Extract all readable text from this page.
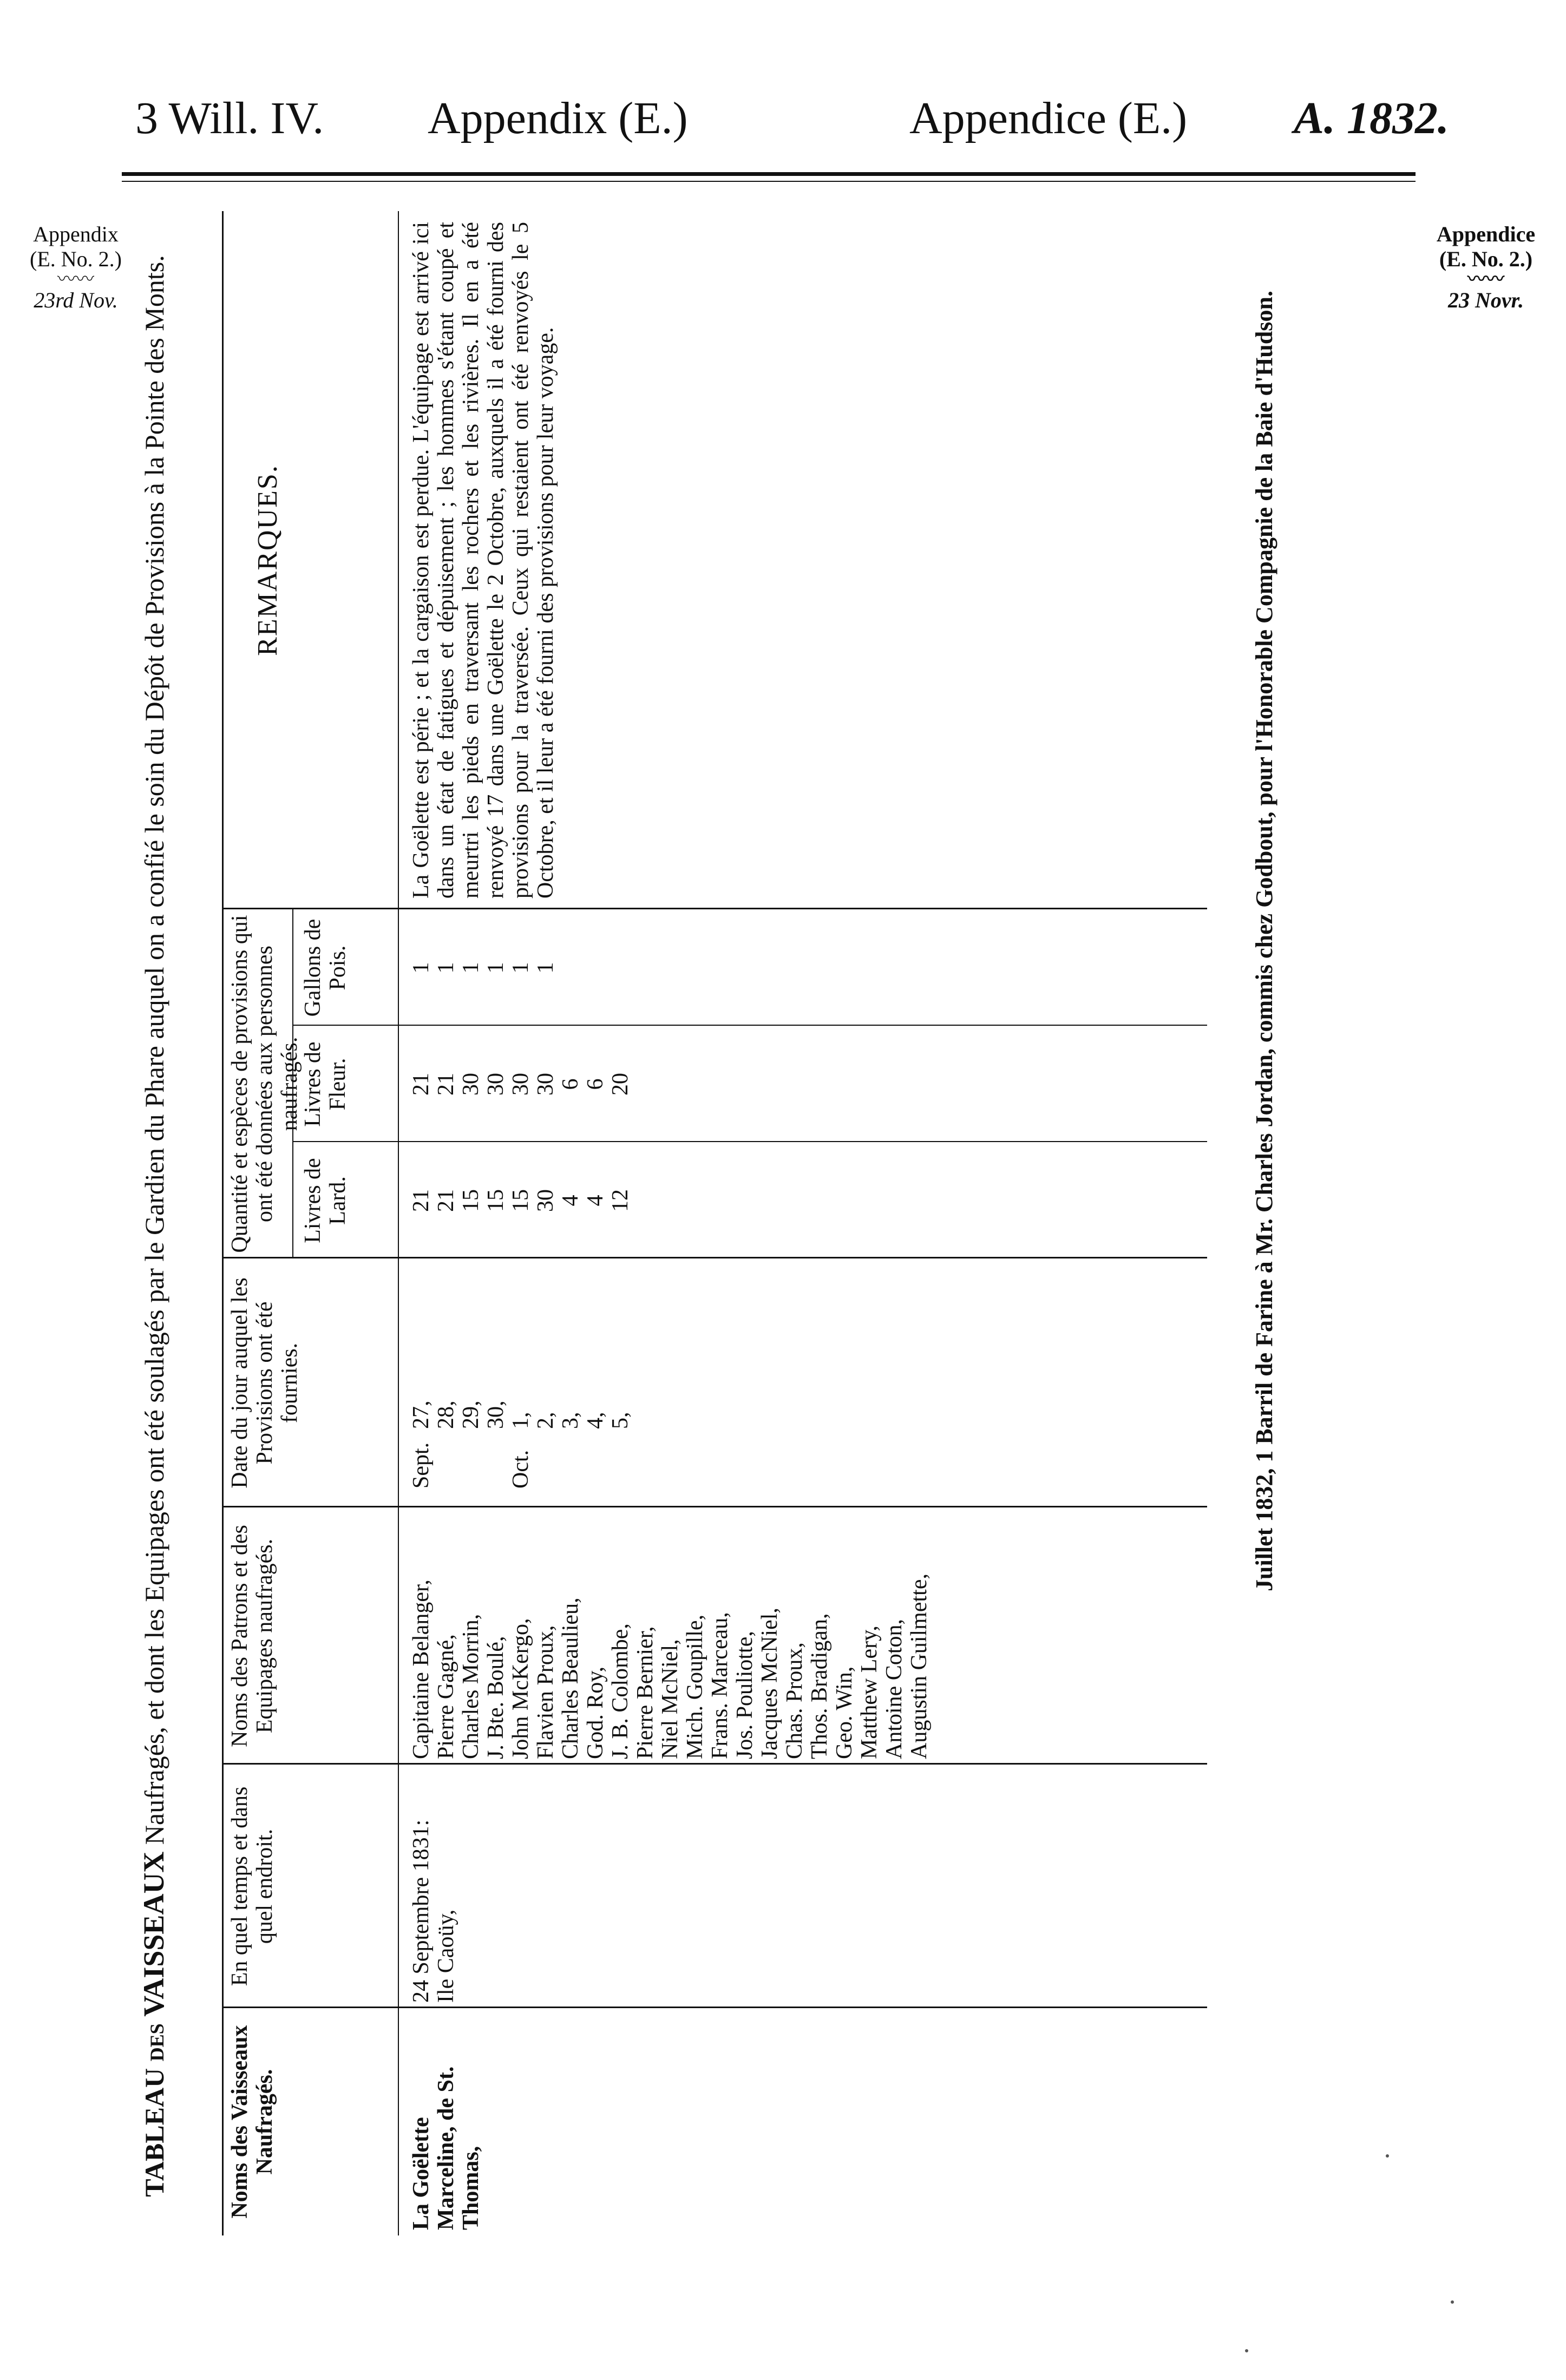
3 Will. IV. Appendix (E.)	Appendice (E.) A. 1832.
Appendix
(E. No. 2.)
〰〰
23rd Nov.
Appendice
(E. No. 2.)
〰〰
23 Novr.
TABLEAU DES VAISSEAUX Naufragés, et dont les Equipages ont été soulagés par le Gardien du Phare auquel on a confié le soin du Dépôt de Provisions à la Pointe des Monts.
Noms des Vaisseaux Naufragés.
En quel temps et dans quel endroit.
Noms des Patrons et des Equipages naufragés.
Date du jour auquel les Provisions ont été fournies.
Quantité et espèces de provisions qui ont été données aux personnes naufragés.
Livres de Lard.
Livres de Fleur.
Gallons de Pois.
REMARQUES.
La Goëlette Marceline, de St. Thomas,
24 Septembre 1831: Ile Caoüy,
Capitaine Belanger, Pierre Gagné, Charles Morrin, J. Bte. Boulé, John McKergo, Flavien Proux, Charles Beaulieu, God. Roy, J. B. Colombe, Pierre Bernier, Niel McNiel, Mich. Goupille, Frans. Marceau, Jos. Pouliotte, Jacques McNiel, Chas. Proux, Thos. Bradigan, Geo. Win, Matthew Lery, Antoine Coton, Augustin Guilmette,
Sept.27, 28, 29, 30,
Oct.1, 2, 3, 4, 5,
21 21 15 15 15 30 4 4 12
21 21 30 30 30 30 6 6 20
1 1 1 1 1 1
La Goëlette est périe ; et la cargaison est perdue. L'équipage est arrivé ici dans un état de fatigues et dépuisement ; les hommes s'étant coupé et meurtri les pieds en traversant les rochers et les rivières. Il en a été renvoyé 17 dans une Goëlette le 2 Octobre, auxquels il a été fourni des provisions pour la traversée. Ceux qui restaient ont été renvoyés le 5 Octobre, et il leur a été fourni des provisions pour leur voyage.	Juillet 1832, 1 Barril de Farine à Mr. Charles Jordan, commis chez Godbout, pour l'Honorable Compagnie de la Baie d'Hudson.
